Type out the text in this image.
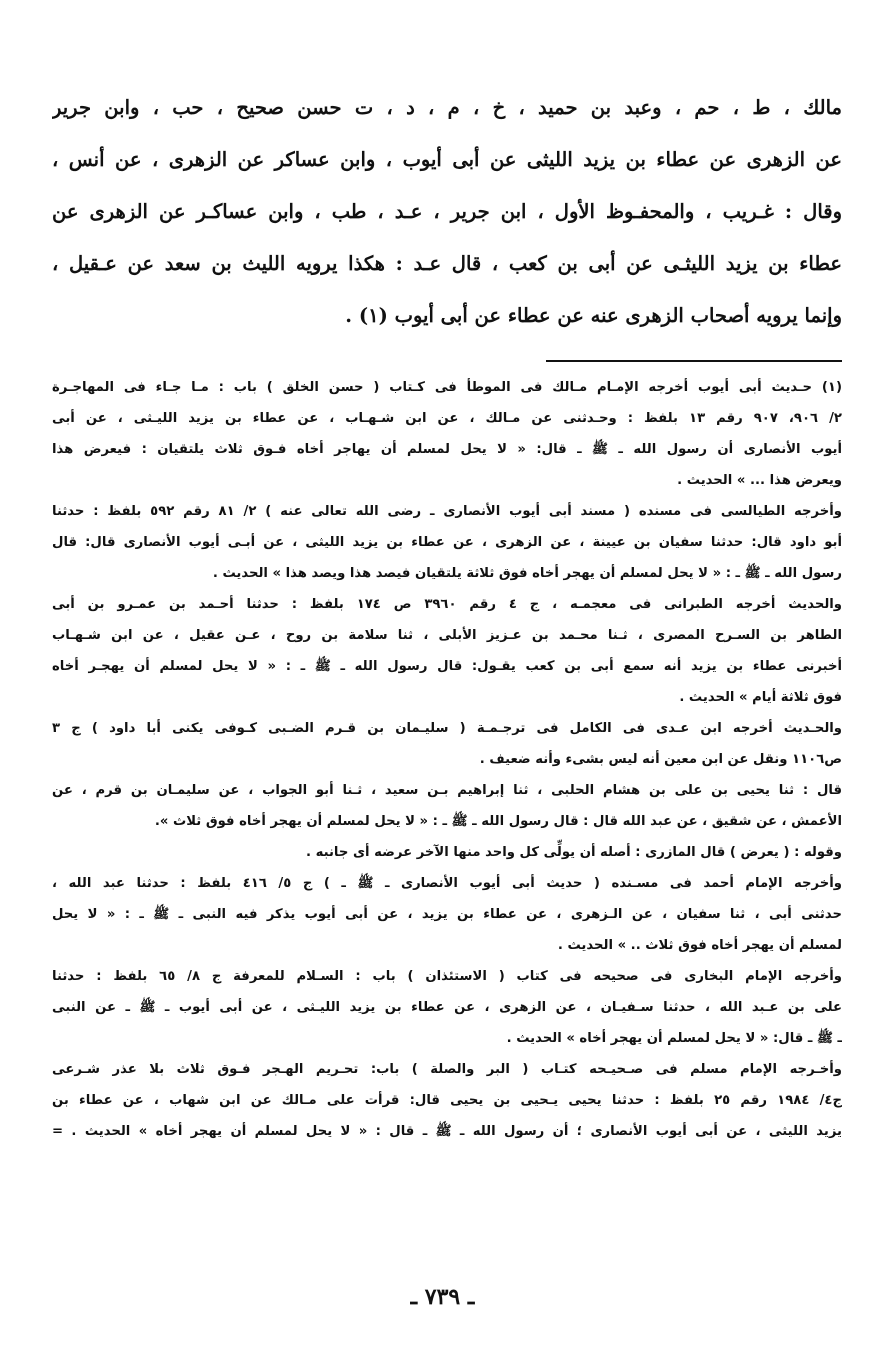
مالك ، ط ، حم ، وعبد بن حميد ، خ ، م ، د ، ت حسن صحيح ، حب ، وابن جرير
عن الزهرى عن عطاء بن يزيد الليثى عن أبى أيوب ، وابن عساكر عن الزهرى ، عن أنس ،
وقال : غـريب ، والمحفـوظ الأول ، ابن جرير ، عـد ، طب ، وابن عساكـر عن الزهرى عن
عطاء بن يزيد الليثـى عن أبى بن كعب ، قال عـد : هكذا يرويه الليث بن سعد عن عـقيل ،
وإنما يرويه أصحاب الزهرى عنه عن عطاء عن أبى أيوب (١) .
(١) حـديث أبى أيوب أخرجه الإمـام مـالك فى الموطأ فى كـتاب ( حسن الخلق ) باب : مـا جـاء فى المهاجـرة
٢/ ٩٠٦، ٩٠٧ رقم ١٣ بلفظ : وحـدثنى عن مـالك ، عن ابن شـهـاب ، عن عطاء بن يزيد الليـثى ، عن أبى
أيوب الأنصارى أن رسول الله ـ ﷺ ـ قال: « لا يحل لمسلم أن يهاجر أخاه فـوق ثلاث يلتقيان : فيعرض هذا
ويعرض هذا ... » الحديث .
وأخرجه الطيالسى فى مسنده ( مسند أبى أيوب الأنصارى ـ رضى الله تعالى عنه ) ٢/ ٨١ رقم ٥٩٢ بلفظ : حدثنا
أبو داود قال: حدثنا سفيان بن عيينة ، عن الزهرى ، عن عطاء بن يزيد الليثى ، عن أبـى أيوب الأنصارى قال: قال
رسول الله ـ ﷺ ـ : « لا يحل لمسلم أن يهجر أخاه فوق ثلاثة يلتقيان فيصد هذا ويصد هذا » الحديث .
والحديث أخرجه الطبرانى فى معجمـه ، ج ٤ رقم ٣٩٦٠ ص ١٧٤ بلفظ : حدثنا أحـمد بن عمـرو بن أبى
الطاهر بن السـرح المصرى ، ثـنا محـمد بن عـزيز الأبلى ، ثنا سلامة بن روح ، عـن عقيل ، عن ابن شـهـاب
أخبرنى عطاء بن يزيد أنه سمع أبى بن كعب يقـول: قال رسول الله ـ ﷺ ـ : « لا يحل لمسلم أن يهجـر أخاه
فوق ثلاثة أيام » الحديث .
والحـديث أخرجه ابن عـدى فى الكامل فى ترجـمـة ( سليـمان بن قـرم الضـبى كـوفى يكنى أبا داود ) ج ٣
ص١١٠٦ ونقل عن ابن معين أنه ليس بشىء وأنه ضعيف .
قال : ثنا يحيى بن على بن هشام الحلبى ، ثنا إبراهيم بـن سعيد ، ثـنا أبو الجواب ، عن سليمـان بن قرم ، عن
الأعمش ، عن شقيق ، عن عبد الله قال : قال رسول الله ـ ﷺ ـ : « لا يحل لمسلم أن يهجر أخاه فوق ثلاث ».
وقوله : ( يعرض ) قال المازرى : أصله أن يولِّى كل واحد منها الآخر عرضه أى جانبه .
وأخرجه الإمام أحمد فى مسـنده ( حديث أبى أيوب الأنصارى ـ ﷺ ـ ) ج ٥/ ٤١٦ بلفظ : حدثنا عبد الله ،
حدثنى أبى ، ثنا سفيان ، عن الـزهرى ، عن عطاء بن يزيد ، عن أبى أيوب يذكر فيه النبى ـ ﷺ ـ : « لا يحل
لمسلم أن يهجر أخاه فوق ثلاث .. » الحديث .
وأخرجه الإمام البخارى فى صحيحه فى كتاب ( الاستئذان ) باب : السـلام للمعرفة ج ٨/ ٦٥ بلفظ : حدثنا
على بن عـبد الله ، حدثنا سـفيـان ، عن الزهرى ، عن عطاء بن يزيد الليـثى ، عن أبى أيوب ـ ﷺ ـ عن النبى
ـ ﷺ ـ قال: « لا يحل لمسلم أن يهجر أخاه » الحديث .
وأخـرجه الإمام مسلم فى صـحيـحه كتـاب ( البر والصلة ) باب: تحـريم الهـجر فـوق ثلاث بلا عذر شـرعى
ج٤/ ١٩٨٤ رقم ٢٥ بلفظ : حدثنا يحيى يـحيى بن يحيى قال: قرأت على مـالك عن ابن شهاب ، عن عطاء بن
يزيد الليثى ، عن أبى أيوب الأنصارى ؛ أن رسول الله ـ ﷺ ـ قال : « لا يحل لمسلم أن يهجر أخاه » الحديث . =
ـ ٧٣٩ ـ
